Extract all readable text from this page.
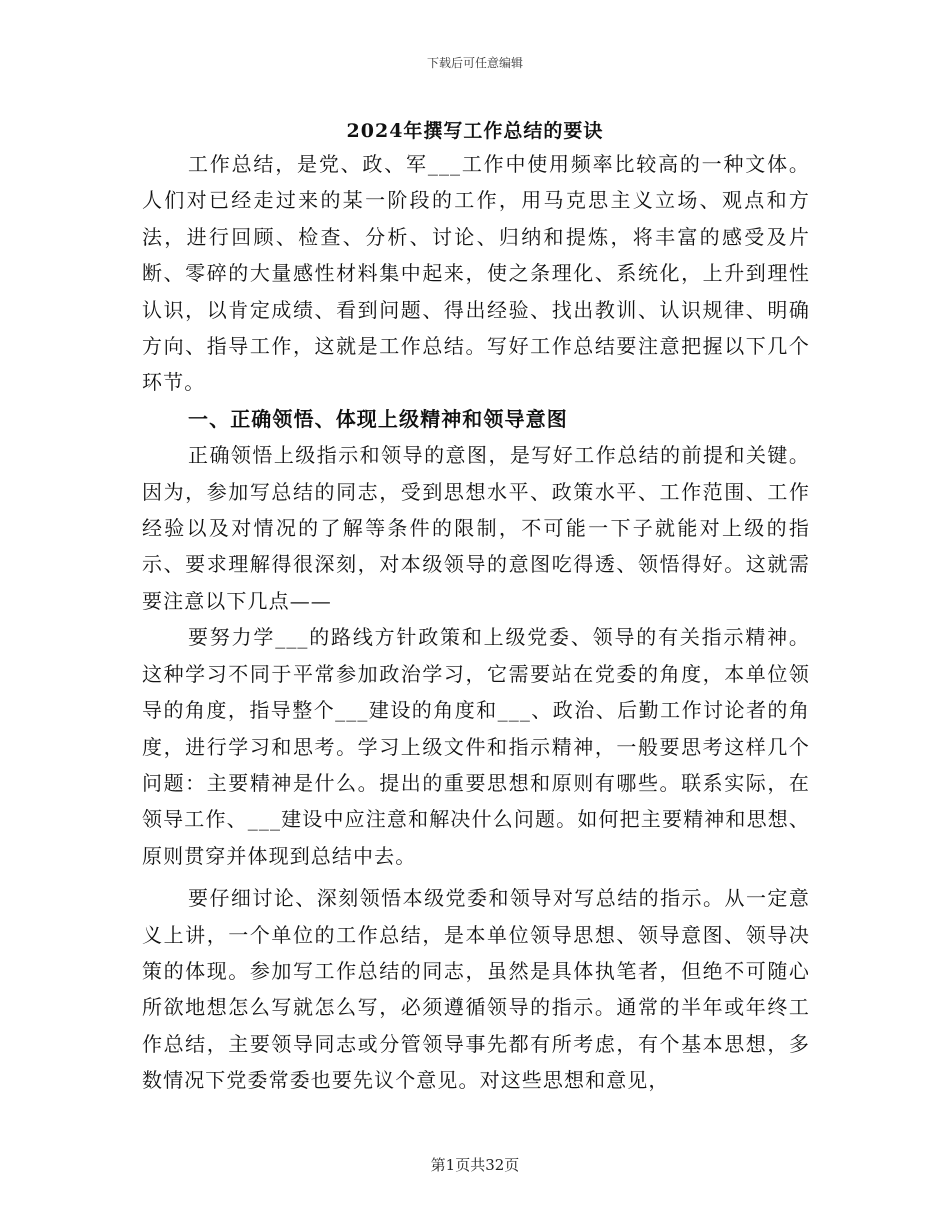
下载后可任意编辑
2024年撰写工作总结的要诀

工作总结，是党、政、军___工作中使用频率比较高的一种文体。人们对已经走过来的某一阶段的工作，用马克思主义立场、观点和方法，进行回顾、检查、分析、讨论、归纳和提炼，将丰富的感受及片断、零碎的大量感性材料集中起来，使之条理化、系统化，上升到理性认识，以肯定成绩、看到问题、得出经验、找出教训、认识规律、明确方向、指导工作，这就是工作总结。写好工作总结要注意把握以下几个环节。

一、正确领悟、体现上级精神和领导意图

正确领悟上级指示和领导的意图，是写好工作总结的前提和关键。因为，参加写总结的同志，受到思想水平、政策水平、工作范围、工作经验以及对情况的了解等条件的限制，不可能一下子就能对上级的指示、要求理解得很深刻，对本级领导的意图吃得透、领悟得好。这就需要注意以下几点——

要努力学___的路线方针政策和上级党委、领导的有关指示精神。这种学习不同于平常参加政治学习，它需要站在党委的角度，本单位领导的角度，指导整个___建设的角度和___、政治、后勤工作讨论者的角度，进行学习和思考。学习上级文件和指示精神，一般要思考这样几个问题：主要精神是什么。提出的重要思想和原则有哪些。联系实际，在领导工作、___建设中应注意和解决什么问题。如何把主要精神和思想、原则贯穿并体现到总结中去。

要仔细讨论、深刻领悟本级党委和领导对写总结的指示。从一定意义上讲，一个单位的工作总结，是本单位领导思想、领导意图、领导决策的体现。参加写工作总结的同志，虽然是具体执笔者，但绝不可随心所欲地想怎么写就怎么写，必须遵循领导的指示。通常的半年或年终工作总结，主要领导同志或分管领导事先都有所考虑，有个基本思想，多数情况下党委常委也要先议个意见。对这些思想和意见，

第1页共32页
